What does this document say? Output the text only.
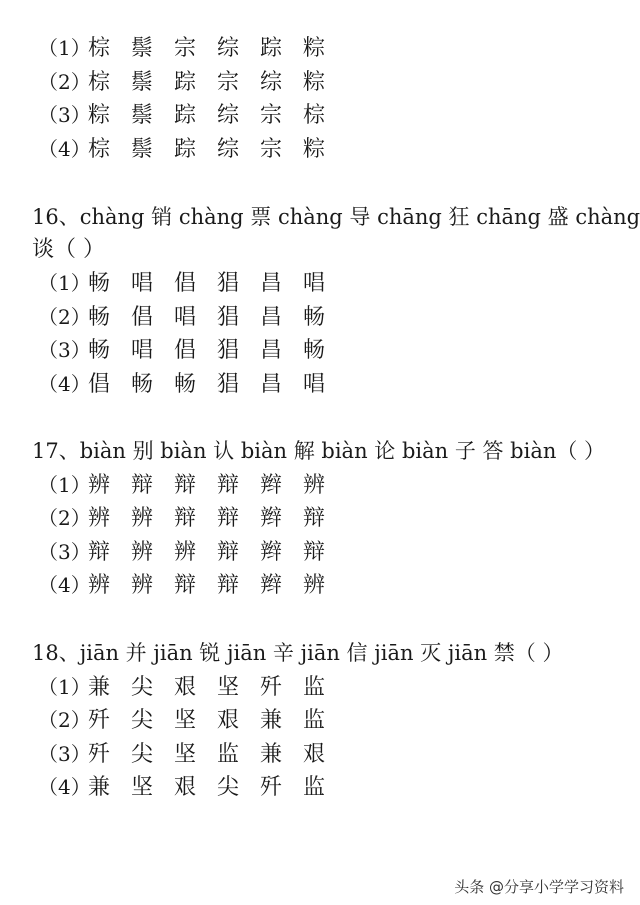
（1）棕 鬃 宗 综 踪 粽
（2）棕 鬃 踪 宗 综 粽
（3）粽 鬃 踪 综 宗 棕
（4）棕 鬃 踪 综 宗 粽
16、chàng 销 chàng 票 chàng 导 chāng 狂 chāng 盛 chàng
谈（ ）
（1）畅 唱 倡 猖 昌 唱
（2）畅 倡 唱 猖 昌 畅
（3）畅 唱 倡 猖 昌 畅
（4）倡 畅 畅 猖 昌 唱
17、biàn 别 biàn 认 biàn 解 biàn 论 biàn 子 答 biàn（ ）
（1）辨 辩 辩 辩 辫 辨
（2）辨 辨 辩 辩 辫 辩
（3）辩 辨 辨 辩 辫 辩
（4）辨 辨 辩 辩 辫 辨
18、jiān 并 jiān 锐 jiān 辛 jiān 信 jiān 灭 jiān 禁（ ）
（1）兼 尖 艰 坚 歼 监
（2）歼 尖 坚 艰 兼 监
（3）歼 尖 坚 监 兼 艰
（4）兼 坚 艰 尖 歼 监
头条 @分享小学学习资料
